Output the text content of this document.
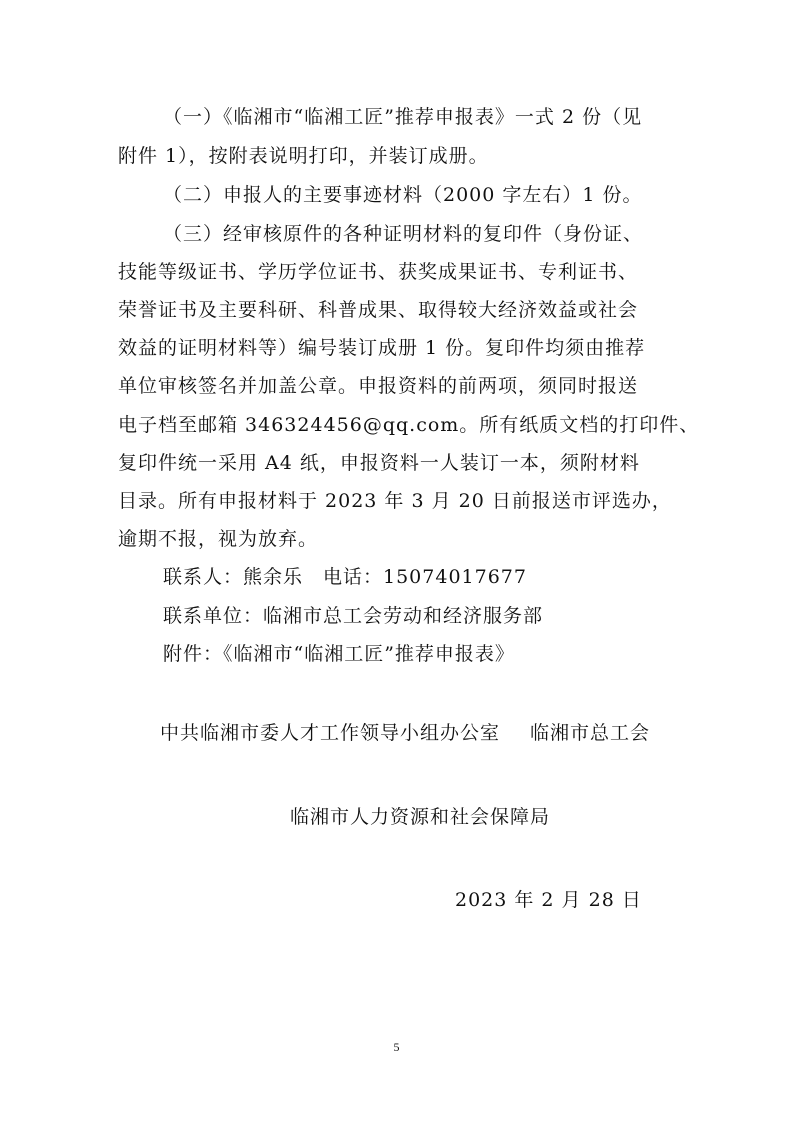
（一）《临湘市“临湘工匠”推荐申报表》一式 2 份（见
附件 1），按附表说明打印，并装订成册。
（二）申报人的主要事迹材料（2000 字左右）1 份。
（三）经审核原件的各种证明材料的复印件（身份证、
技能等级证书、学历学位证书、获奖成果证书、专利证书、
荣誉证书及主要科研、科普成果、取得较大经济效益或社会
效益的证明材料等）编号装订成册 1 份。复印件均须由推荐
单位审核签名并加盖公章。申报资料的前两项，须同时报送
电子档至邮箱 346324456@qq.com。所有纸质文档的打印件、
复印件统一采用 A4 纸，申报资料一人装订一本，须附材料
目录。所有申报材料于 2023 年 3 月 20 日前报送市评选办，
逾期不报，视为放弃。
联系人：熊余乐　电话：15074017677
联系单位：临湘市总工会劳动和经济服务部
附件：《临湘市“临湘工匠”推荐申报表》
中共临湘市委人才工作领导小组办公室 临湘市总工会
临湘市人力资源和社会保障局
2023 年 2 月 28 日
5
